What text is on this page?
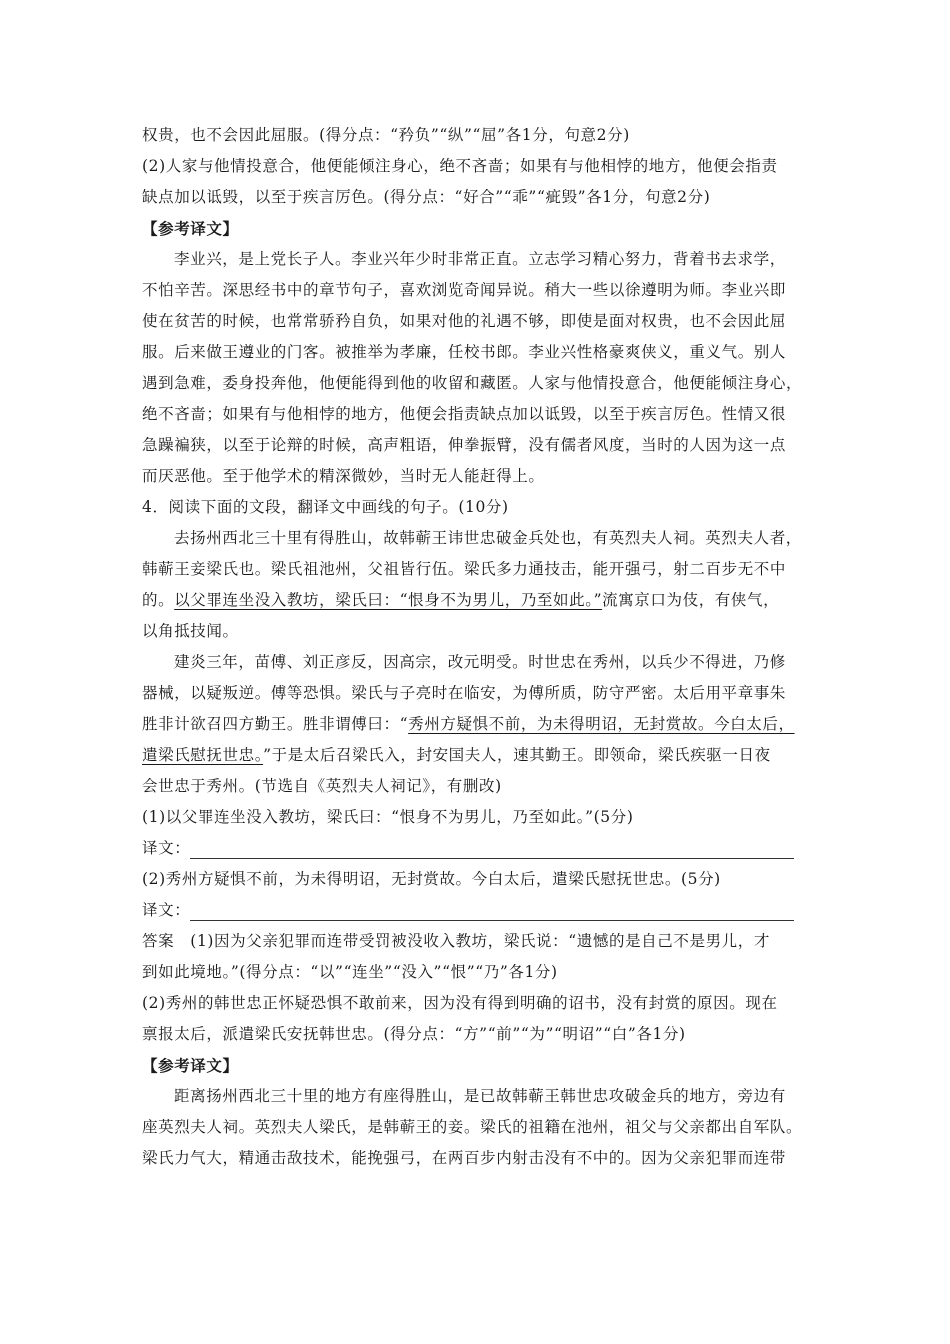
权贵，也不会因此屈服。(得分点：“矜负”“纵”“屈”各1分，句意2分)
(2)人家与他情投意合，他便能倾注身心，绝不吝啬；如果有与他相悖的地方，他便会指责
缺点加以诋毁，以至于疾言厉色。(得分点：“好合”“乖”“疵毁”各1分，句意2分)
【参考译文】
李业兴，是上党长子人。李业兴年少时非常正直。立志学习精心努力，背着书去求学，
不怕辛苦。深思经书中的章节句子，喜欢浏览奇闻异说。稍大一些以徐遵明为师。李业兴即
使在贫苦的时候，也常常骄矜自负，如果对他的礼遇不够，即使是面对权贵，也不会因此屈
服。后来做王遵业的门客。被推举为孝廉，任校书郎。李业兴性格豪爽侠义，重义气。别人
遇到急难，委身投奔他，他便能得到他的收留和藏匿。人家与他情投意合，他便能倾注身心，
绝不吝啬；如果有与他相悖的地方，他便会指责缺点加以诋毁，以至于疾言厉色。性情又很
急躁褊狭，以至于论辩的时候，高声粗语，伸拳振臂，没有儒者风度，当时的人因为这一点
而厌恶他。至于他学术的精深微妙，当时无人能赶得上。
4．阅读下面的文段，翻译文中画线的句子。(10分)
去扬州西北三十里有得胜山，故韩蕲王讳世忠破金兵处也，有英烈夫人祠。英烈夫人者，
韩蕲王妾梁氏也。梁氏祖池州，父祖皆行伍。梁氏多力通技击，能开强弓，射二百步无不中
的。以父罪连坐没入教坊，梁氏曰：“恨身不为男儿，乃至如此。”流寓京口为伎，有侠气，
以角抵技闻。
建炎三年，苗傅、刘正彦反，因高宗，改元明受。时世忠在秀州，以兵少不得进，乃修
器械，以疑叛逆。傅等恐惧。梁氏与子亮时在临安，为傅所质，防守严密。太后用平章事朱
胜非计欲召四方勤王。胜非谓傅曰：“秀州方疑惧不前，为未得明诏，无封赏故。今白太后，
遣梁氏慰抚世忠。”于是太后召梁氏入，封安国夫人，速其勤王。即领命，梁氏疾驱一日夜
会世忠于秀州。(节选自《英烈夫人祠记》，有删改)
(1)以父罪连坐没入教坊，梁氏曰：“恨身不为男儿，乃至如此。”(5分)
译文：
(2)秀州方疑惧不前，为未得明诏，无封赏故。今白太后，遣梁氏慰抚世忠。(5分)
译文：
答案　(1)因为父亲犯罪而连带受罚被没收入教坊，梁氏说：“遗憾的是自己不是男儿，才
到如此境地。”(得分点：“以”“连坐”“没入”“恨”“乃”各1分)
(2)秀州的韩世忠正怀疑恐惧不敢前来，因为没有得到明确的诏书，没有封赏的原因。现在
禀报太后，派遣梁氏安抚韩世忠。(得分点：“方”“前”“为”“明诏”“白”各1分)
【参考译文】
距离扬州西北三十里的地方有座得胜山，是已故韩蕲王韩世忠攻破金兵的地方，旁边有
座英烈夫人祠。英烈夫人梁氏，是韩蕲王的妾。梁氏的祖籍在池州，祖父与父亲都出自军队。
梁氏力气大，精通击敌技术，能挽强弓，在两百步内射击没有不中的。因为父亲犯罪而连带
